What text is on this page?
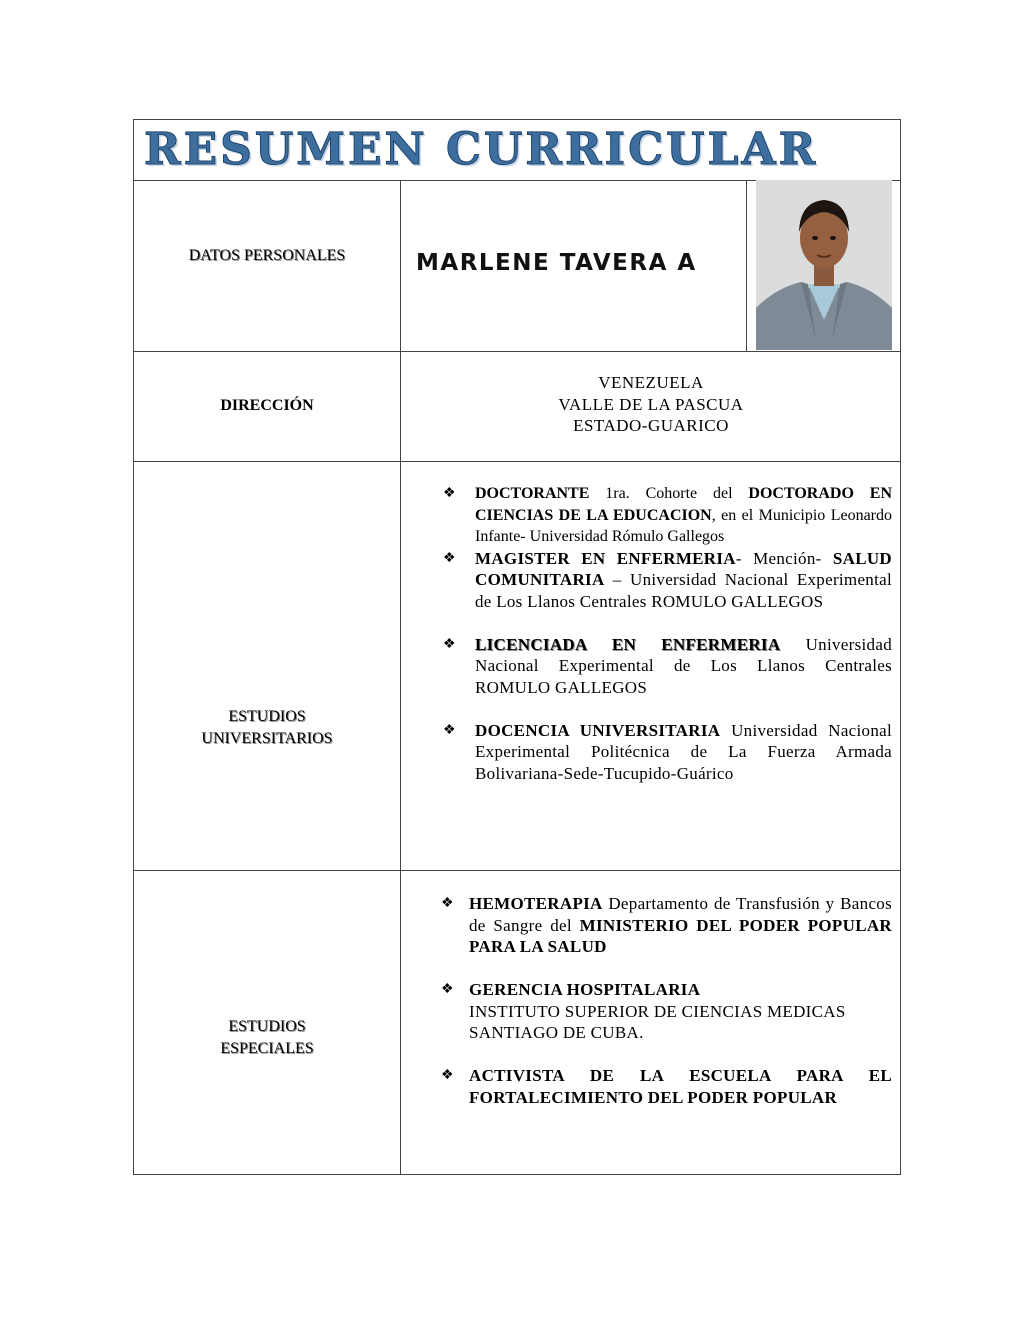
RESUMEN CURRICULAR
DATOS PERSONALES	MARLENE TAVERA A
DIRECCIÓN
VENEZUELA
VALLE DE LA PASCUA
ESTADO-GUARICO
ESTUDIOS
UNIVERSITARIOS
❖ DOCTORANTE 1ra. Cohorte del DOCTORADO EN CIENCIAS DE LA EDUCACION, en el Municipio Leonardo Infante- Universidad Rómulo Gallegos
❖ MAGISTER EN ENFERMERIA- Mención- SALUD COMUNITARIA – Universidad Nacional Experimental de Los Llanos Centrales ROMULO GALLEGOS
❖ LICENCIADA EN ENFERMERIA Universidad Nacional Experimental de Los Llanos Centrales ROMULO GALLEGOS
❖ DOCENCIA UNIVERSITARIA Universidad Nacional Experimental Politécnica de La Fuerza Armada Bolivariana-Sede-Tucupido-Guárico
ESTUDIOS
ESPECIALES
❖ HEMOTERAPIA Departamento de Transfusión y Bancos de Sangre del MINISTERIO DEL PODER POPULAR PARA LA SALUD
❖ GERENCIA HOSPITALARIA
INSTITUTO SUPERIOR DE CIENCIAS MEDICAS SANTIAGO DE CUBA.
❖ ACTIVISTA DE LA ESCUELA PARA EL FORTALECIMIENTO DEL PODER POPULAR
